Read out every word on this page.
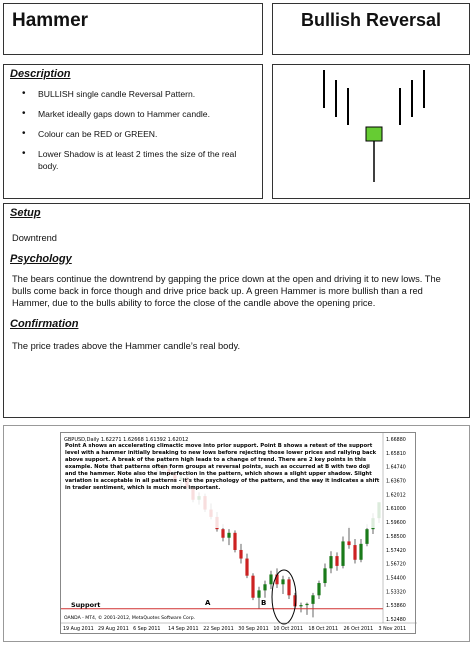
Hammer	Bullish Reversal
Description
• BULLISH single candle Reversal Pattern.
• Market ideally gaps down to Hammer candle.
• Colour can be RED or GREEN.
• Lower Shadow is at least 2 times the size of the real body.
Setup
Downtrend
Psychology
The bears continue the downtrend by gapping the price down at the open and driving it to new lows. The bulls come back in force though and drive price back up. A green Hammer is more bullish than a red Hammer, due to the bulls ability to force the close of the candle above the opening price.
Confirmation
The price trades above the Hammer candle’s real body.
GBPUSD,Daily 1.62271 1.62668 1.61392 1.62012
Support	A	B
Point A shows an accelerating climactic move into prior support. Point B shows a retest of the support level with a hammer initially breaking to new lows before rejecting those lower prices and rallying back above support. A break of the pattern high leads to a change of trend. There are 2 key points in this example. Note that patterns often form groups at reversal points, such as occurred at B with two doji and the hammer. Note also the imperfection in the pattern, which shows a slight upper shadow. Slight variation is acceptable in all patterns - it's the psychology of the pattern, and the way it indicates a shift in trader sentiment, which is much more important.
1.66880
1.65810
1.64740
1.63670
1.62012
1.61000
1.59600
1.58500
1.57420
1.56720
1.54400
1.53320
1.53860
1.52480
OANDA - MT4, © 2001-2012, MetaQuotes Software Corp.
19 Aug 2011 29 Aug 2011 6 Sep 2011 14 Sep 2011 22 Sep 2011 30 Sep 2011 10 Oct 2011 18 Oct 2011 26 Oct 2011 3 Nov 2011
